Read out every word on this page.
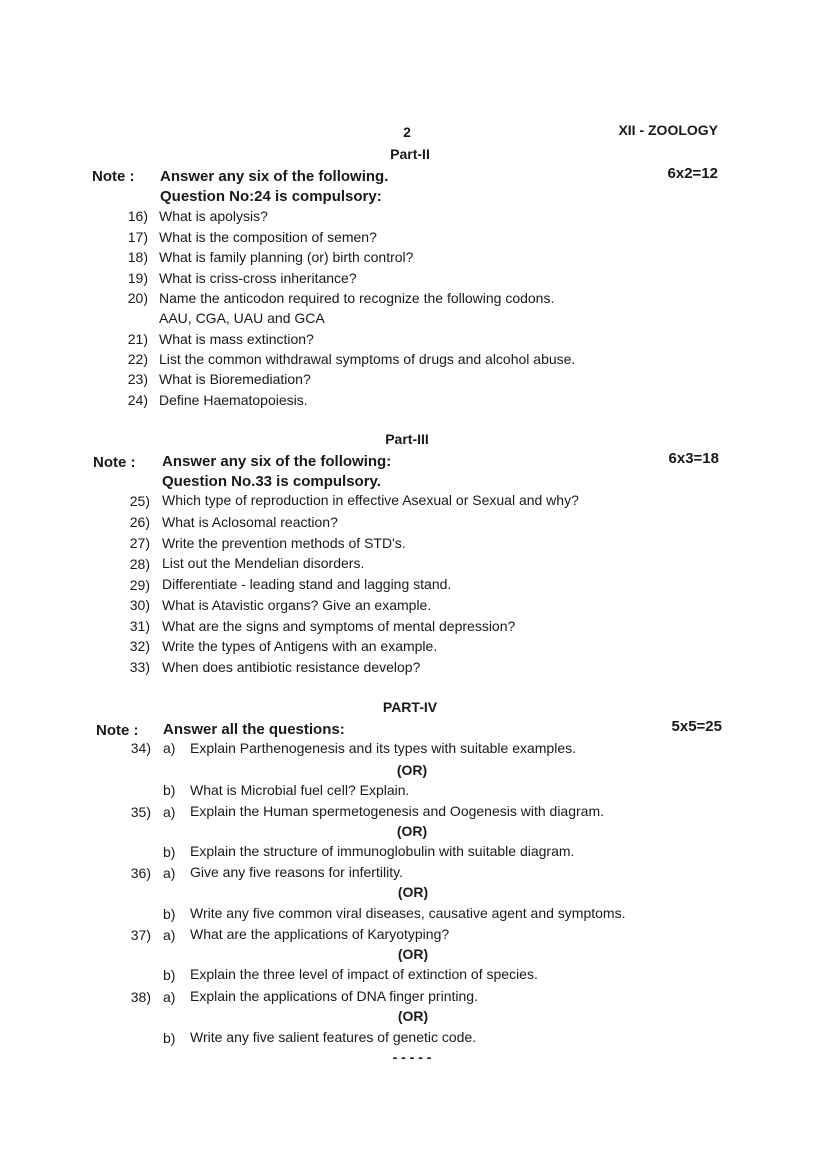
2	XII - ZOOLOGY
Part-II
Note : Answer any six of the following.	6x2=12
Question No:24 is compulsory:
16) What is apolysis?
17) What is the composition of semen?
18) What is family planning (or) birth control?
19) What is criss-cross inheritance?
20) Name the anticodon required to recognize the following codons.
AAU, CGA, UAU and GCA
21) What is mass extinction?
22) List the common withdrawal symptoms of drugs and alcohol abuse.
23) What is Bioremediation?
24) Define Haematopoiesis.
Part-III
Note : Answer any six of the following:	6x3=18
Question No.33 is compulsory.
25) Which type of reproduction in effective Asexual or Sexual and why?
26) What is Aclosomal reaction?
27) Write the prevention methods of STD's.
28) List out the Mendelian disorders.
29) Differentiate - leading stand and lagging stand.
30) What is Atavistic organs? Give an example.
31) What are the signs and symptoms of mental depression?
32) Write the types of Antigens with an example.
33) When does antibiotic resistance develop?
PART-IV
Note : Answer all the questions:	5x5=25
34) a) Explain Parthenogenesis and its types with suitable examples.
(OR)
b) What is Microbial fuel cell? Explain.
35) a) Explain the Human spermetogenesis and Oogenesis with diagram.
(OR)
b) Explain the structure of immunoglobulin with suitable diagram.
36) a) Give any five reasons for infertility.
(OR)
b) Write any five common viral diseases, causative agent and symptoms.
37) a) What are the applications of Karyotyping?
(OR)
b) Explain the three level of impact of extinction of species.
38) a) Explain the applications of DNA finger printing.
(OR)
b) Write any five salient features of genetic code.
- - - - -
